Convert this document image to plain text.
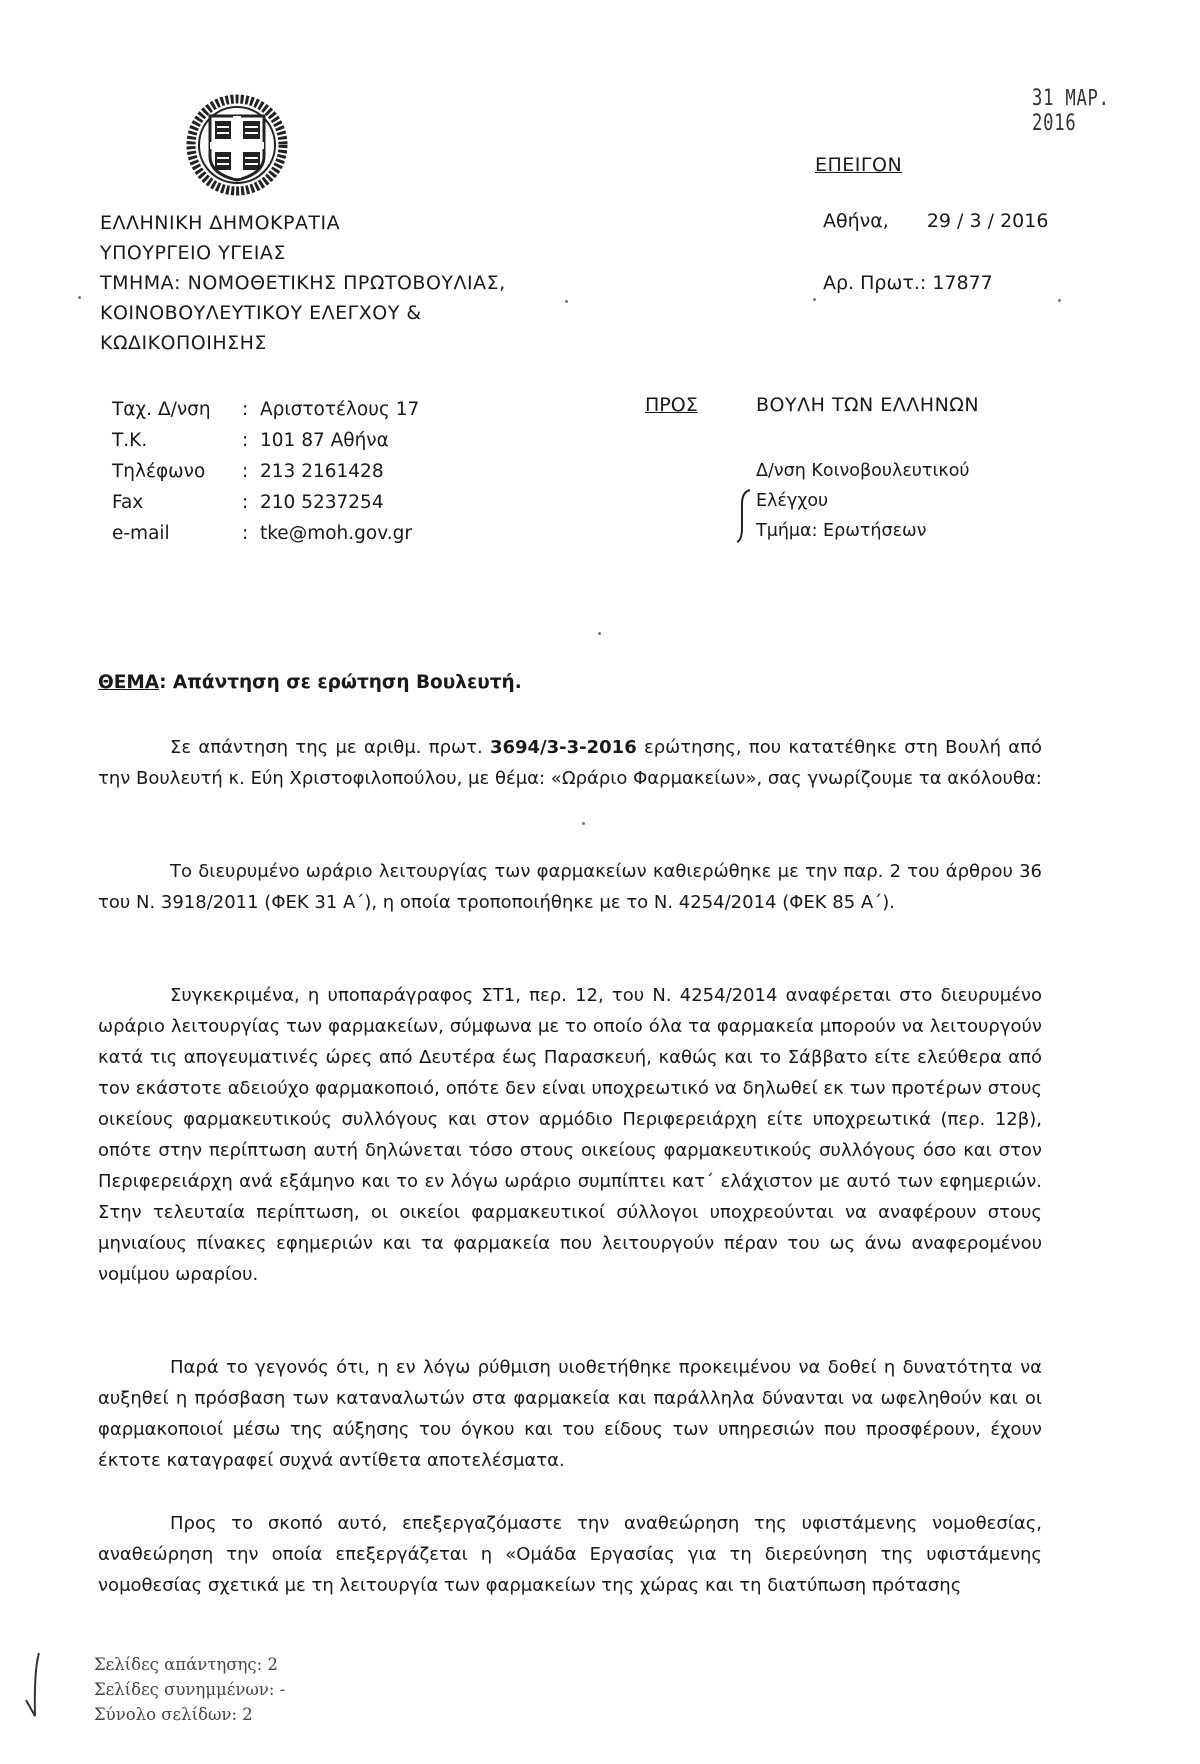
31 ΜΑΡ. 2016
ΕΛΛΗΝΙΚΗ ΔΗΜΟΚΡΑΤΙΑ
ΥΠΟΥΡΓΕΙΟ ΥΓΕΙΑΣ
ΤΜΗΜΑ: ΝΟΜΟΘΕΤΙΚΗΣ ΠΡΩΤΟΒΟΥΛΙΑΣ,
ΚΟΙΝΟΒΟΥΛΕΥΤΙΚΟΥ ΕΛΕΓΧΟΥ &
ΚΩΔΙΚΟΠΟΙΗΣΗΣ
ΕΠΕΙΓΟΝ
Αθήνα, 29 / 3 / 2016
Αρ. Πρωτ.: 17877
Ταχ. Δ/νση	: Αριστοτέλους 17
Τ.Κ.	: 101 87 Αθήνα
Τηλέφωνο	: 213 2161428
Fax	: 210 5237254
e-mail	: tke@moh.gov.gr
ΠΡΟΣ	ΒΟΥΛΗ ΤΩΝ ΕΛΛΗΝΩΝ
Δ/νση Κοινοβουλευτικού
Ελέγχου
Τμήμα: Ερωτήσεων
ΘΕΜΑ: Απάντηση σε ερώτηση Βουλευτή.

Σε απάντηση της με αριθμ. πρωτ. 3694/3-3-2016 ερώτησης, που κατατέθηκε στη Βουλή από την Βουλευτή κ. Εύη Χριστοφιλοπούλου, με θέμα: «Ωράριο Φαρμακείων», σας γνωρίζουμε τα ακόλουθα:

Το διευρυμένο ωράριο λειτουργίας των φαρμακείων καθιερώθηκε με την παρ. 2 του άρθρου 36 του Ν. 3918/2011 (ΦΕΚ 31 Α΄), η οποία τροποποιήθηκε με το Ν. 4254/2014 (ΦΕΚ 85 Α΄).

Συγκεκριμένα, η υποπαράγραφος ΣΤ1, περ. 12, του Ν. 4254/2014 αναφέρεται στο διευρυμένο ωράριο λειτουργίας των φαρμακείων, σύμφωνα με το οποίο όλα τα φαρμακεία μπορούν να λειτουργούν κατά τις απογευματινές ώρες από Δευτέρα έως Παρασκευή, καθώς και το Σάββατο είτε ελεύθερα από τον εκάστοτε αδειούχο φαρμακοποιό, οπότε δεν είναι υποχρεωτικό να δηλωθεί εκ των προτέρων στους οικείους φαρμακευτικούς συλλόγους και στον αρμόδιο Περιφερειάρχη είτε υποχρεωτικά (περ. 12β), οπότε στην περίπτωση αυτή δηλώνεται τόσο στους οικείους φαρμακευτικούς συλλόγους όσο και στον Περιφερειάρχη ανά εξάμηνο και το εν λόγω ωράριο συμπίπτει κατ΄ ελάχιστον με αυτό των εφημεριών. Στην τελευταία περίπτωση, οι οικείοι φαρμακευτικοί σύλλογοι υποχρεούνται να αναφέρουν στους μηνιαίους πίνακες εφημεριών και τα φαρμακεία που λειτουργούν πέραν του ως άνω αναφερομένου νομίμου ωραρίου.

Παρά το γεγονός ότι, η εν λόγω ρύθμιση υιοθετήθηκε προκειμένου να δοθεί η δυνατότητα να αυξηθεί η πρόσβαση των καταναλωτών στα φαρμακεία και παράλληλα δύνανται να ωφεληθούν και οι φαρμακοποιοί μέσω της αύξησης του όγκου και του είδους των υπηρεσιών που προσφέρουν, έχουν έκτοτε καταγραφεί συχνά αντίθετα αποτελέσματα.

Προς το σκοπό αυτό, επεξεργαζόμαστε την αναθεώρηση της υφιστάμενης νομοθεσίας, αναθεώρηση την οποία επεξεργάζεται η «Ομάδα Εργασίας για τη διερεύνηση της υφιστάμενης νομοθεσίας σχετικά με τη λειτουργία των φαρμακείων της χώρας και τη διατύπωση πρότασης

Σελίδες απάντησης: 2
Σελίδες συνημμένων: -
Σύνολο σελίδων: 2
